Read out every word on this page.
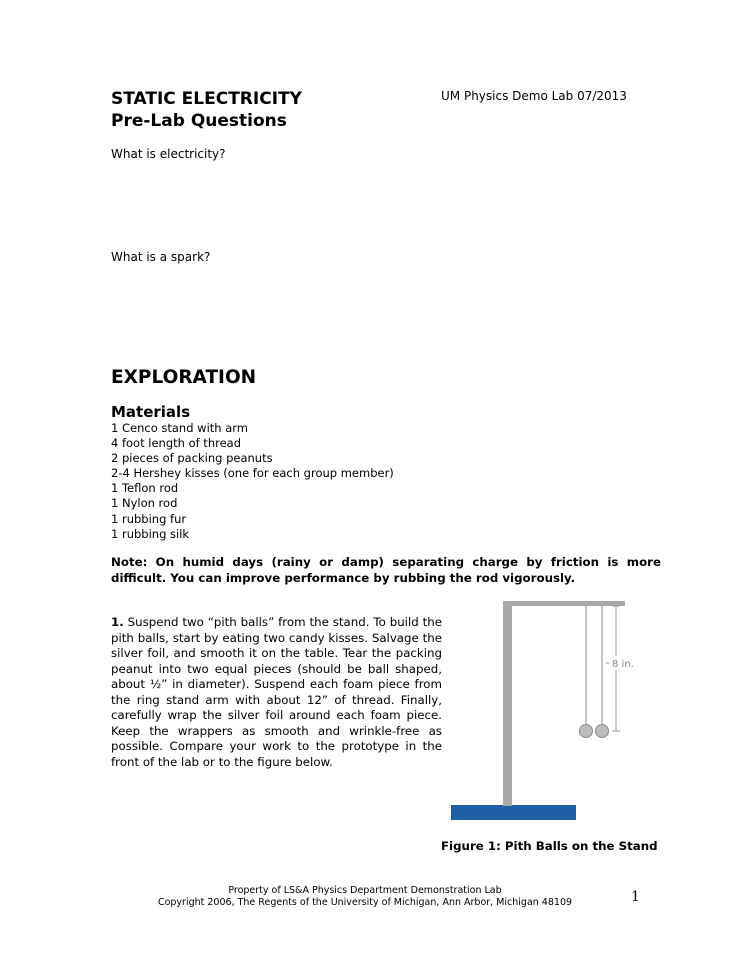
STATIC ELECTRICITY
Pre-Lab Questions
UM Physics Demo Lab 07/2013
What is electricity?
What is a spark?
EXPLORATION
Materials
1 Cenco stand with arm
4 foot length of thread
2 pieces of packing peanuts
2-4 Hershey kisses (one for each group member)
1 Teflon rod
1 Nylon rod
1 rubbing fur
1 rubbing silk
Note: On humid days (rainy or damp) separating charge by friction is more difficult. You can improve performance by rubbing the rod vigorously.
1. Suspend two “pith balls” from the stand. To build the pith balls, start by eating two candy kisses. Salvage the silver foil, and smooth it on the table. Tear the packing peanut into two equal pieces (should be ball shaped, about ½” in diameter). Suspend each foam piece from the ring stand arm with about 12” of thread. Finally, carefully wrap the silver foil around each foam piece. Keep the wrappers as smooth and wrinkle-free as possible. Compare your work to the prototype in the front of the lab or to the figure below.
8 in.
Figure 1: Pith Balls on the Stand
Property of LS&A Physics Department Demonstration Lab
Copyright 2006, The Regents of the University of Michigan, Ann Arbor, Michigan 48109	1
